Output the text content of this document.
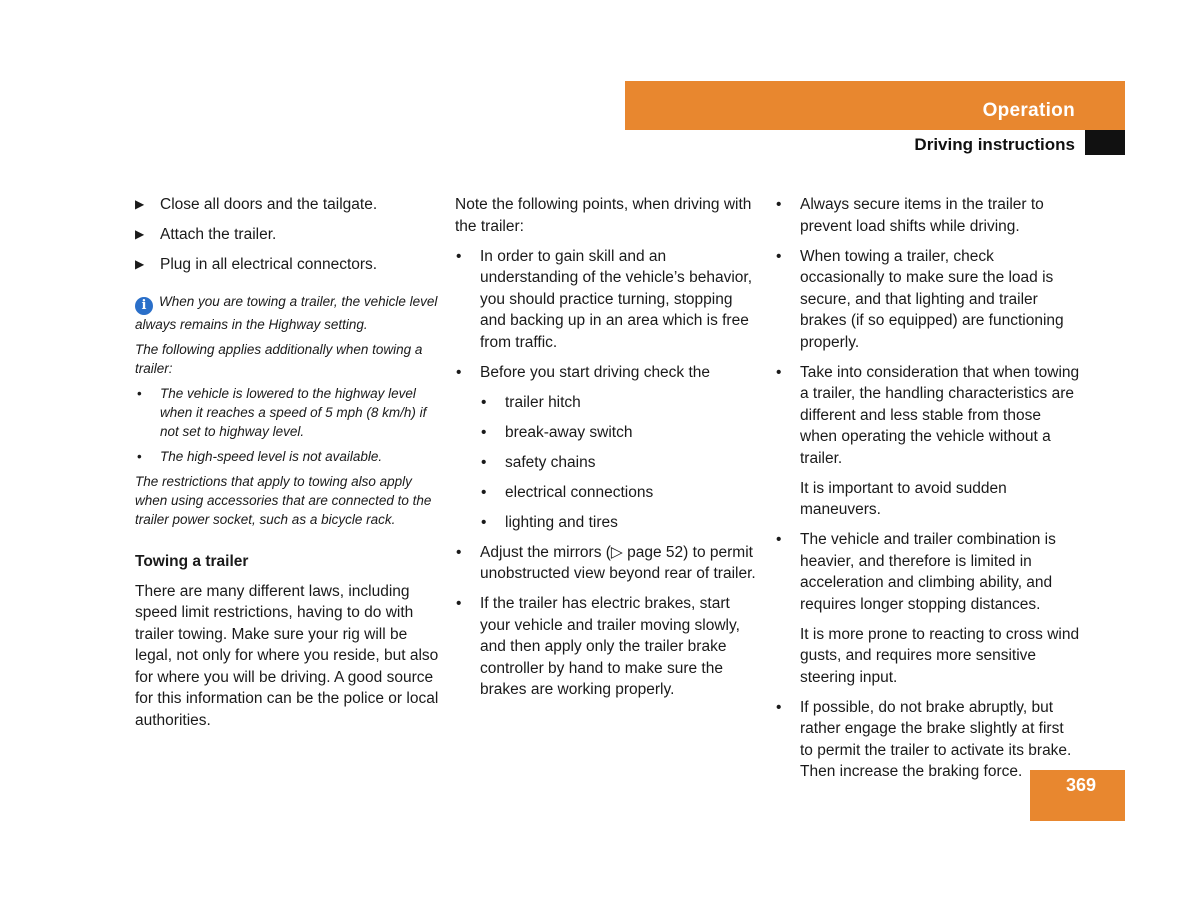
Operation
Driving instructions
▶ Close all doors and the tailgate.
▶ Attach the trailer.
▶ Plug in all electrical connectors.

i When you are towing a trailer, the vehicle level always remains in the Highway setting.

The following applies additionally when towing a trailer:

• The vehicle is lowered to the highway level when it reaches a speed of 5 mph (8 km/h) if not set to highway level.
• The high-speed level is not available.

The restrictions that apply to towing also apply when using accessories that are connected to the trailer power socket, such as a bicycle rack.

Towing a trailer

There are many different laws, including speed limit restrictions, having to do with trailer towing. Make sure your rig will be legal, not only for where you reside, but also for where you will be driving. A good source for this information can be the police or local authorities.

Note the following points, when driving with the trailer:

• In order to gain skill and an understanding of the vehicle’s behavior, you should practice turning, stopping and backing up in an area which is free from traffic.
• Before you start driving check the
• trailer hitch
• break-away switch
• safety chains
• electrical connections
• lighting and tires
• Adjust the mirrors (▷ page 52) to permit unobstructed view beyond rear of trailer.
• If the trailer has electric brakes, start your vehicle and trailer moving slowly, and then apply only the trailer brake controller by hand to make sure the brakes are working properly.
• Always secure items in the trailer to prevent load shifts while driving.
• When towing a trailer, check occasionally to make sure the load is secure, and that lighting and trailer brakes (if so equipped) are functioning properly.
• Take into consideration that when towing a trailer, the handling characteristics are different and less stable from those when operating the vehicle without a trailer.

It is important to avoid sudden maneuvers.

• The vehicle and trailer combination is heavier, and therefore is limited in acceleration and climbing ability, and requires longer stopping distances.

It is more prone to reacting to cross wind gusts, and requires more sensitive steering input.

• If possible, do not brake abruptly, but rather engage the brake slightly at first to permit the trailer to activate its brake. Then increase the braking force.
369
